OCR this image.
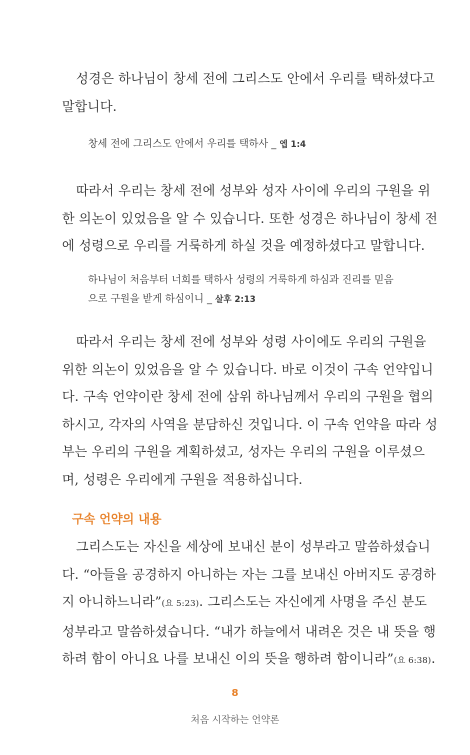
성경은 하나님이 창세 전에 그리스도 안에서 우리를 택하셨다고
말합니다.
창세 전에 그리스도 안에서 우리를 택하사 _ 엡 1:4
따라서 우리는 창세 전에 성부와 성자 사이에 우리의 구원을 위
한 의논이 있었음을 알 수 있습니다. 또한 성경은 하나님이 창세 전
에 성령으로 우리를 거룩하게 하실 것을 예정하셨다고 말합니다.
하나님이 처음부터 너희를 택하사 성령의 거룩하게 하심과 진리를 믿음
으로 구원을 받게 하심이니 _ 살후 2:13
따라서 우리는 창세 전에 성부와 성령 사이에도 우리의 구원을
위한 의논이 있었음을 알 수 있습니다. 바로 이것이 구속 언약입니
다. 구속 언약이란 창세 전에 삼위 하나님께서 우리의 구원을 협의
하시고, 각자의 사역을 분담하신 것입니다. 이 구속 언약을 따라 성
부는 우리의 구원을 계획하셨고, 성자는 우리의 구원을 이루셨으
며, 성령은 우리에게 구원을 적용하십니다.
구속 언약의 내용
그리스도는 자신을 세상에 보내신 분이 성부라고 말씀하셨습니
다. “아들을 공경하지 아니하는 자는 그를 보내신 아버지도 공경하
지 아니하느니라”(요 5:23). 그리스도는 자신에게 사명을 주신 분도
성부라고 말씀하셨습니다. “내가 하늘에서 내려온 것은 내 뜻을 행
하려 함이 아니요 나를 보내신 이의 뜻을 행하려 함이니라”(요 6:38).
8
처음 시작하는 언약론
